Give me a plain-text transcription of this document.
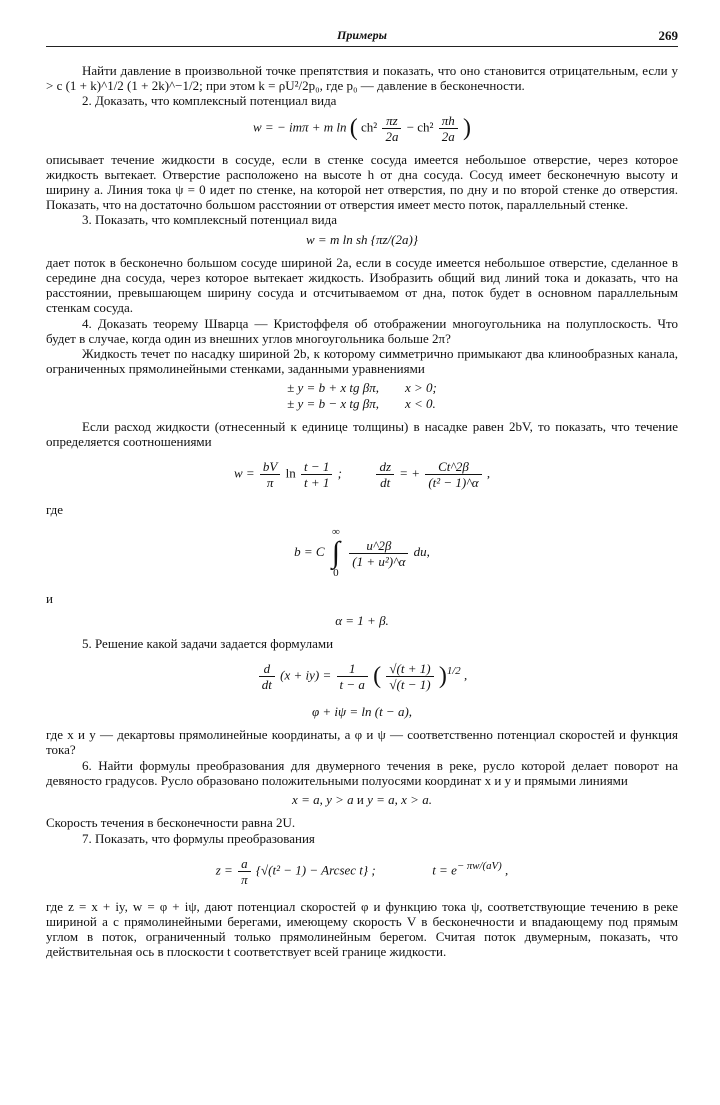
Примеры	269

Найти давление в произвольной точке препятствия и показать, что оно становится отрицательным, если y > c (1 + k)^1/2 (1 + 2k)^−1/2; при этом k = ρU²/2p₀, где p₀ — давление в бесконечности.

2. Доказать, что комплексный потенциал вида

w = − imπ + m ln ( $ch^2 \frac{\pi z}{2a} - ch^2 \frac{\pi h}{2a}$ )

описывает течение жидкости в сосуде, если в стенке сосуда имеется небольшое отверстие, через которое жидкость вытекает. Отверстие расположено на высоте h от дна сосуда. Сосуд имеет бесконечную высоту и ширину a. Линия тока ψ = 0 идет по стенке, на которой нет отверстия, по дну и по второй стенке до отверстия. Показать, что на достаточно большом расстоянии от отверстия имеет место поток, параллельный стенке.

3. Показать, что комплексный потенциал вида

w = m ln sh {πz/(2a)}

дает поток в бесконечно большом сосуде шириной 2a, если в сосуде имеется небольшое отверстие, сделанное в середине дна сосуда, через которое вытекает жидкость. Изобразить общий вид линий тока и доказать, что на расстоянии, превышающем ширину сосуда и отсчитываемом от дна, поток будет в основном параллельным стенкам сосуда.

4. Доказать теорему Шварца — Кристоффеля об отображении многоугольника на полуплоскость. Что будет в случае, когда один из внешних углов многоугольника больше 2π?

Жидкость течет по насадку шириной 2b, к которому симметрично примыкают два клинообразных канала, ограниченных прямолинейными стенками, заданными уравнениями

± y = b + x tg βπ, x > 0;
± y = b − x tg βπ, x < 0.

Если расход жидкости (отнесенный к единице толщины) в насадке равен 2bV, то показать, что течение определяется соотношениями

$w = \frac{bV}{\pi}$ $\ln \frac{t - 1}{t + 1}$ ;	$\frac{dz}{dt}$ = + $\frac{Ct\^{}2\beta}{\text{(t² − 1)\textasciicircum{}α}}$ ,

где

b = C ∞
∫
0
$\frac{u\^{}2\beta}{\text{(1 + u²)\textasciicircum{}α}}$ du,

и

α = 1 + β.

5. Решение какой задачи задается формулами

$\frac{d}{dt} (x + iy) = \frac{1}{t - a}$ ( $\frac{√(t + 1)}{√(t - 1)} )^{1/2}$ ,
φ + iψ = ln (t − a),

где x и y — декартовы прямолинейные координаты, а φ и ψ — соответственно потенциал скоростей и функция тока?

6. Найти формулы преобразования для двумерного течения в реке, русло которой делает поворот на девяносто градусов. Русло образовано положительными полуосями координат x и y и прямыми линиями

x = a, y > a и y = a, x > a.

Скорость течения в бесконечности равна 2U.

7. Показать, что формулы преобразования

$z = \frac{a}{\pi} \{√(t^2 - 1) - Arcsec$ t} ;	$t = e^{- \pi w/(aV)}$ ,

где z = x + iy, w = φ + iψ, дают потенциал скоростей φ и функцию тока ψ, соответствующие течению в реке шириной a с прямолинейными берегами, имеющему скорость V в бесконечности и впадающему под прямым углом в поток, ограниченный только прямолинейным берегом. Считая поток двумерным, показать, что действительная ось в плоскости t соответствует всей границе жидкости.
